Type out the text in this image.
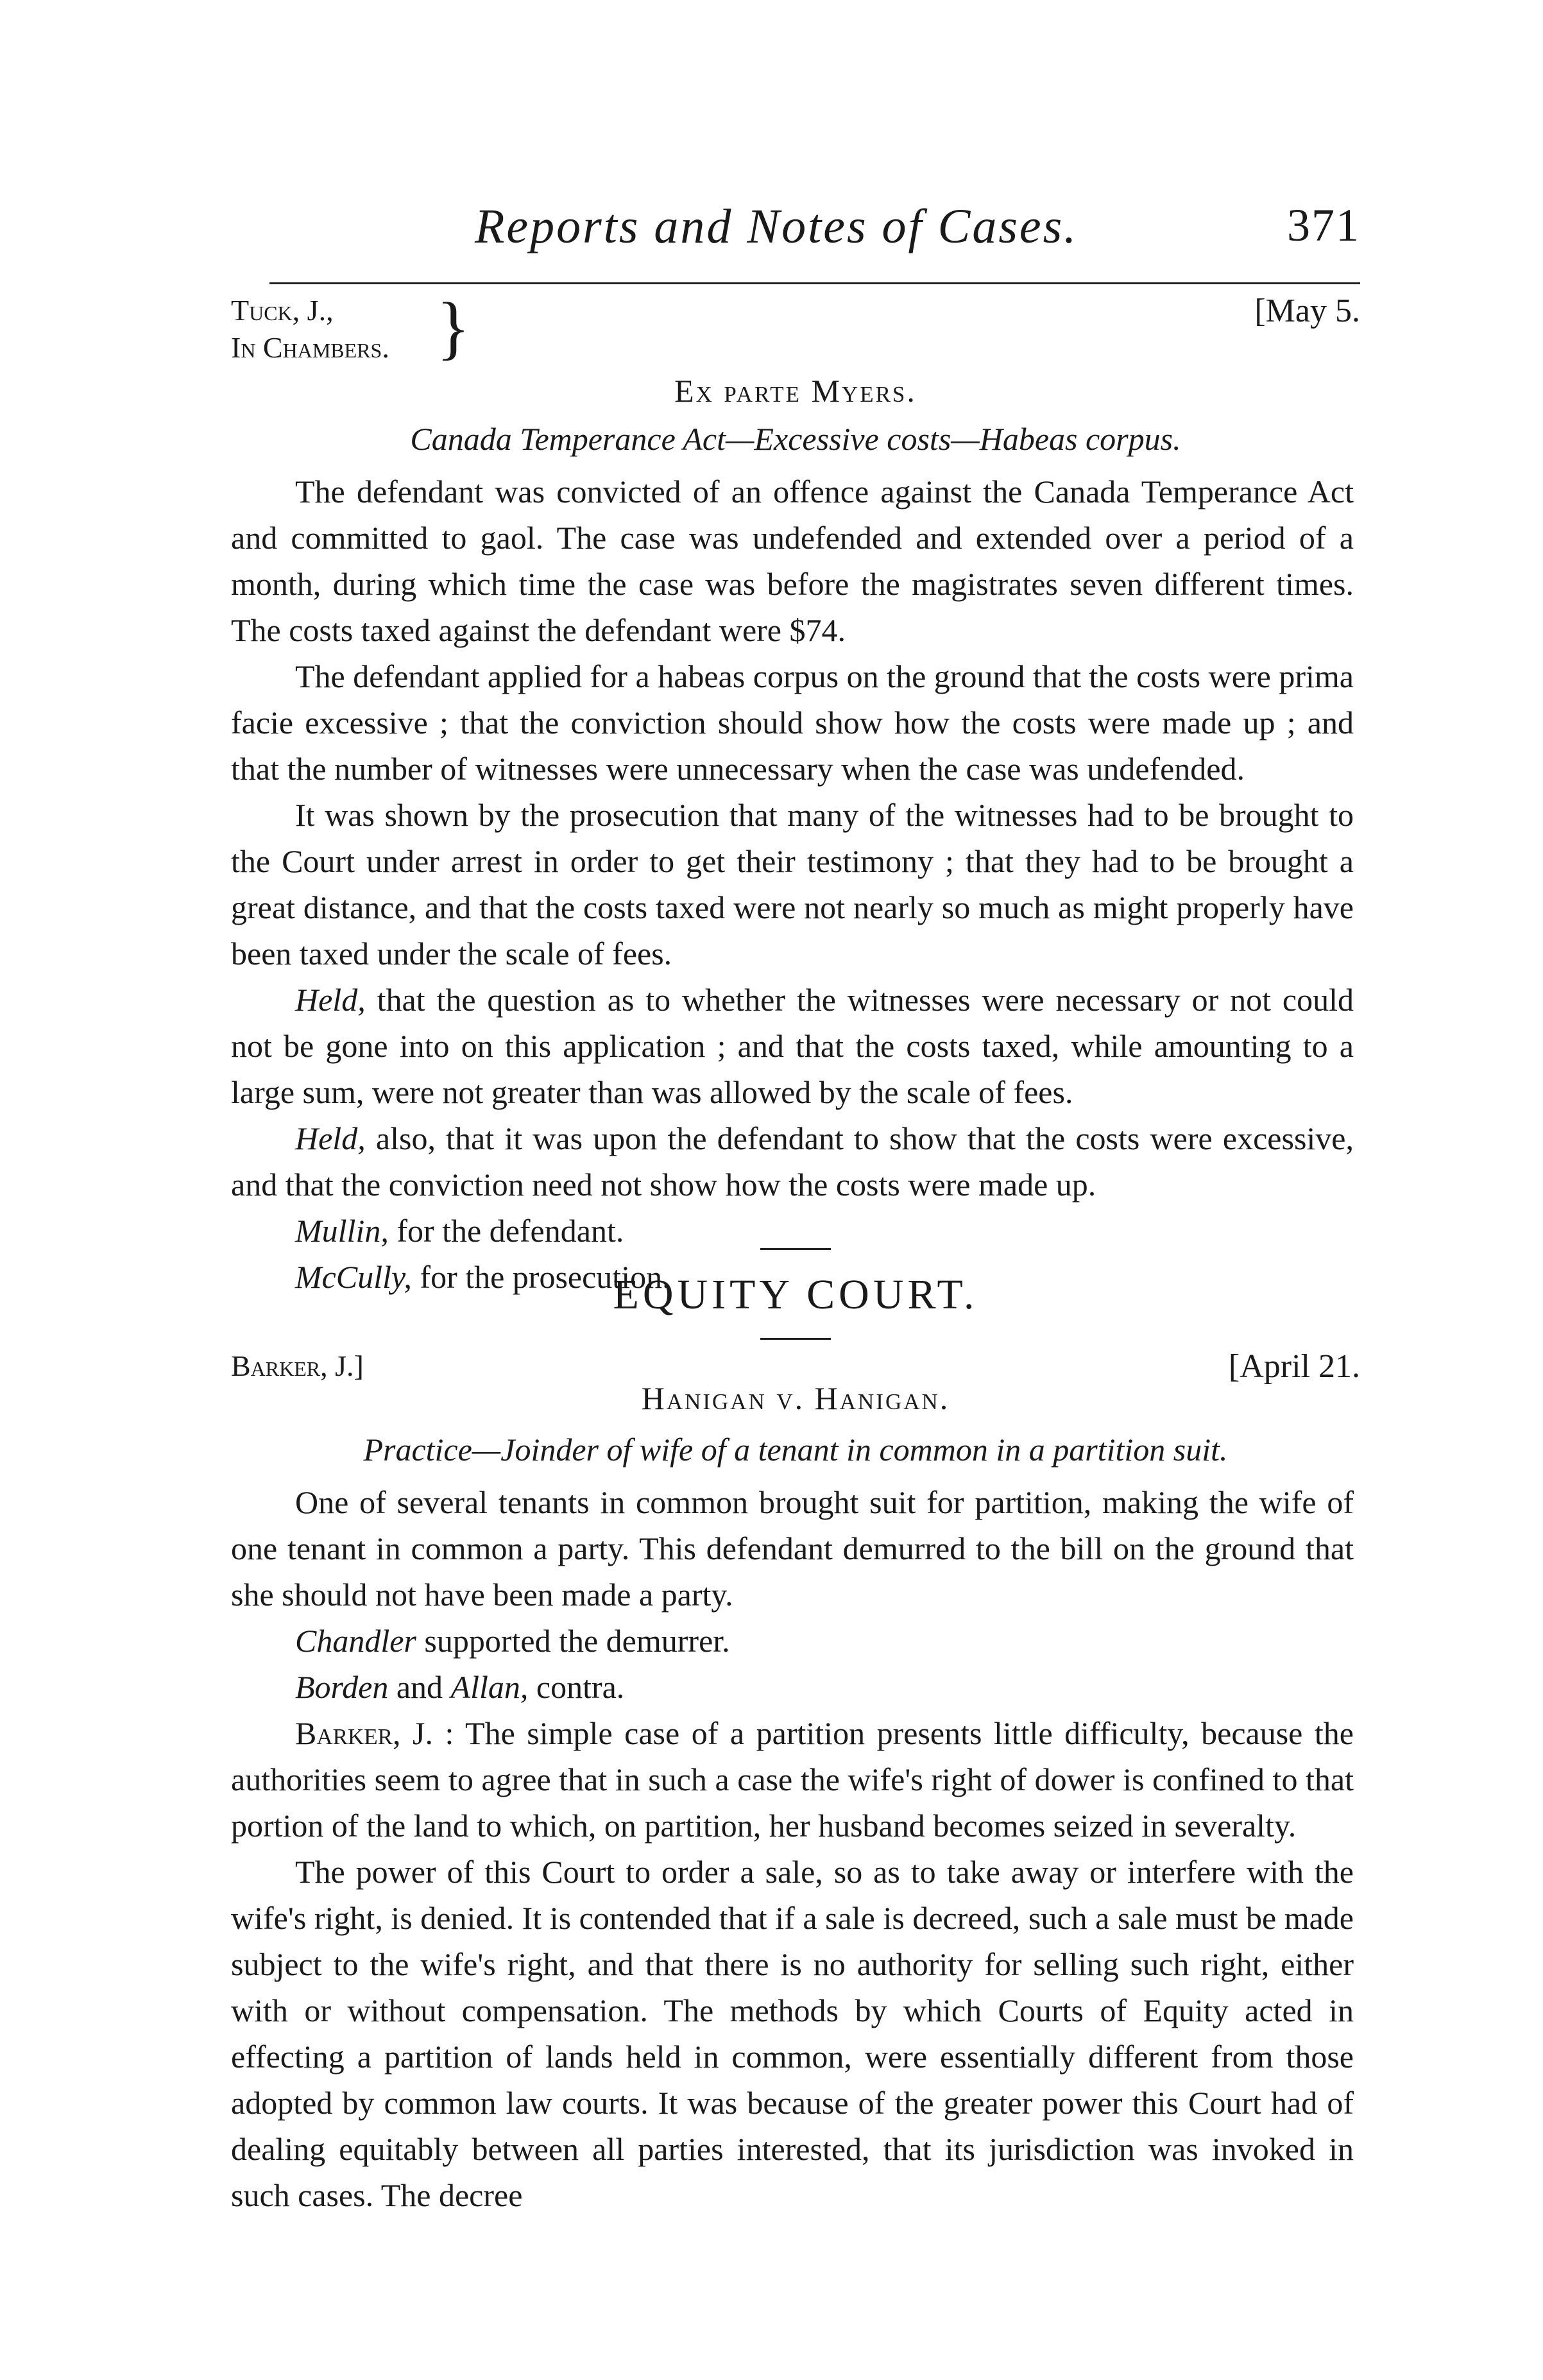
Reports and Notes of Cases.	371
Tuck, J.,
In Chambers. }	[May 5.
Ex parte Myers.
Canada Temperance Act—Excessive costs—Habeas corpus.

The defendant was convicted of an offence against the Canada Temperance Act and committed to gaol. The case was undefended and extended over a period of a month, during which time the case was before the magistrates seven different times. The costs taxed against the defendant were $74.

The defendant applied for a habeas corpus on the ground that the costs were prima facie excessive ; that the conviction should show how the costs were made up ; and that the number of witnesses were unnecessary when the case was undefended.

It was shown by the prosecution that many of the witnesses had to be brought to the Court under arrest in order to get their testimony ; that they had to be brought a great distance, and that the costs taxed were not nearly so much as might properly have been taxed under the scale of fees.

Held, that the question as to whether the witnesses were necessary or not could not be gone into on this application ; and that the costs taxed, while amounting to a large sum, were not greater than was allowed by the scale of fees.

Held, also, that it was upon the defendant to show that the costs were excessive, and that the conviction need not show how the costs were made up.

Mullin, for the defendant.

McCully, for the prosecution.

EQUITY COURT.
Barker, J.]	[April 21.
Hanigan v. Hanigan.
Practice—Joinder of wife of a tenant in common in a partition suit.

One of several tenants in common brought suit for partition, making the wife of one tenant in common a party. This defendant demurred to the bill on the ground that she should not have been made a party.

Chandler supported the demurrer.

Borden and Allan, contra.

Barker, J. : The simple case of a partition presents little difficulty, because the authorities seem to agree that in such a case the wife's right of dower is confined to that portion of the land to which, on partition, her husband becomes seized in severalty.

The power of this Court to order a sale, so as to take away or interfere with the wife's right, is denied. It is contended that if a sale is decreed, such a sale must be made subject to the wife's right, and that there is no authority for selling such right, either with or without compensation. The methods by which Courts of Equity acted in effecting a partition of lands held in common, were essentially different from those adopted by common law courts. It was because of the greater power this Court had of dealing equitably between all parties interested, that its jurisdiction was invoked in such cases. The decree
